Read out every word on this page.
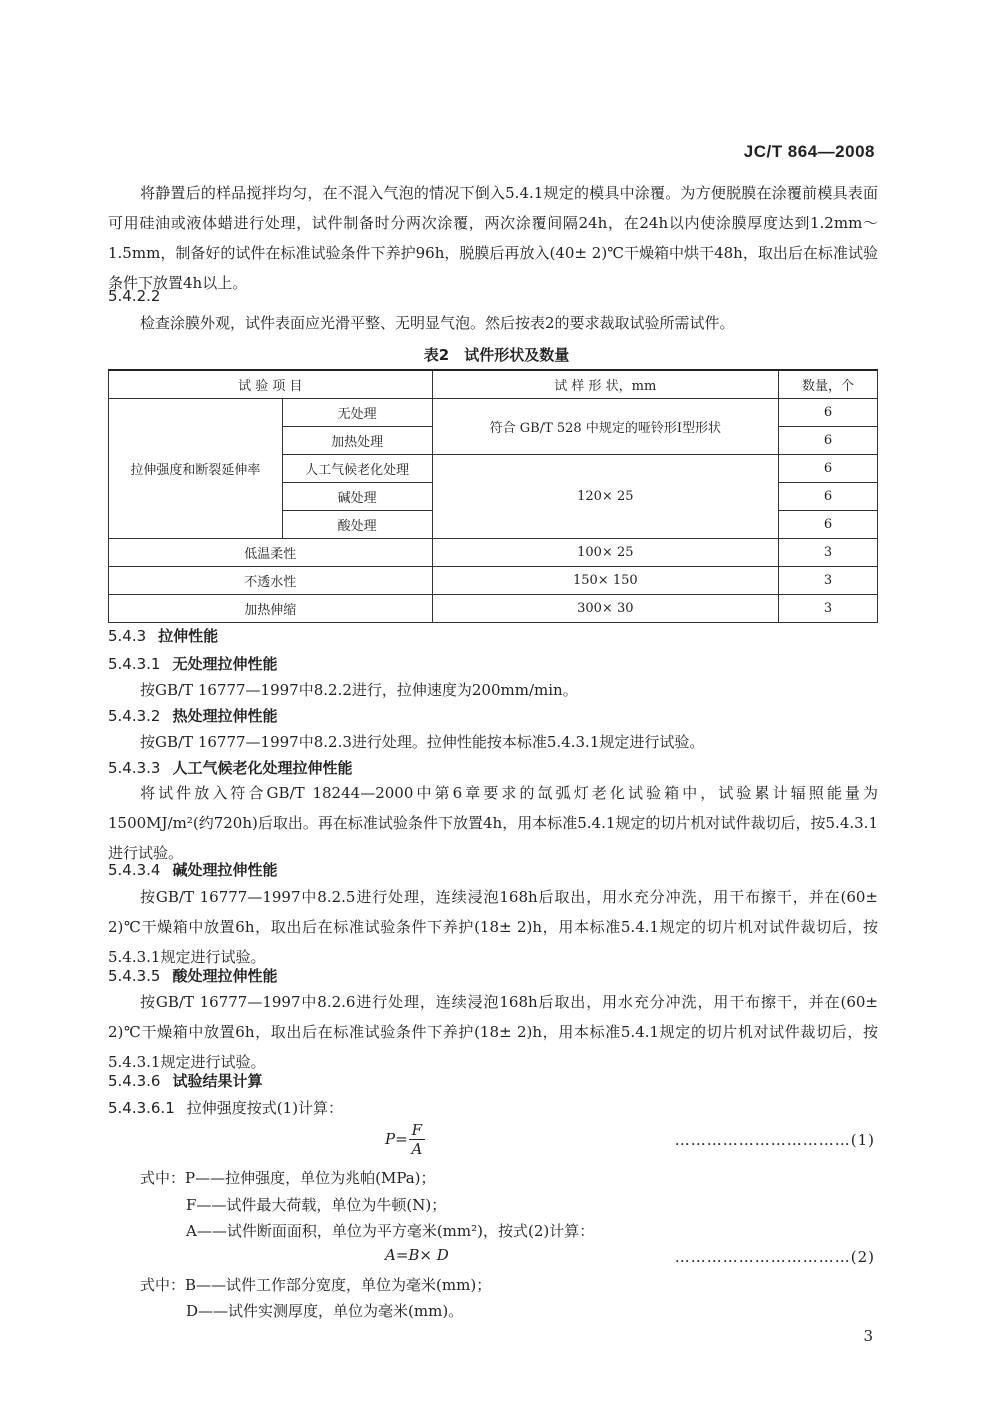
JC/T 864—2008
将静置后的样品搅拌均匀，在不混入气泡的情况下倒入5.4.1规定的模具中涂覆。为方便脱膜在涂覆前模具表面可用硅油或液体蜡进行处理，试件制备时分两次涂覆，两次涂覆间隔24h，在24h以内使涂膜厚度达到1.2mm～1.5mm，制备好的试件在标准试验条件下养护96h，脱膜后再放入(40± 2)℃干燥箱中烘干48h，取出后在标准试验条件下放置4h以上。
5.4.2.2
检查涂膜外观，试件表面应光滑平整、无明显气泡。然后按表2的要求裁取试验所需试件。
表2　试件形状及数量
试 验 项 目		试 样 形 状，mm	数量，个
拉伸强度和断裂延伸率	无处理	符合 GB/T 528 中规定的哑铃形Ⅰ型形状	6
	加热处理		6
	人工气候老化处理	120× 25	6
	碱处理		6
	酸处理		6
低温柔性		100× 25	3
不透水性		150× 150	3
加热伸缩		300× 30	3
5.4.3 拉伸性能
5.4.3.1 无处理拉伸性能
按GB/T 16777—1997中8.2.2进行，拉伸速度为200mm/min。
5.4.3.2 热处理拉伸性能
按GB/T 16777—1997中8.2.3进行处理。拉伸性能按本标准5.4.3.1规定进行试验。
5.4.3.3 人工气候老化处理拉伸性能
将试件放入符合GB/T 18244—2000中第6章要求的氙弧灯老化试验箱中，试验累计辐照能量为1500MJ/m²(约720h)后取出。再在标准试验条件下放置4h，用本标准5.4.1规定的切片机对试件裁切后，按5.4.3.1进行试验。
5.4.3.4 碱处理拉伸性能
按GB/T 16777—1997中8.2.5进行处理，连续浸泡168h后取出，用水充分冲洗，用干布擦干，并在(60± 2)℃干燥箱中放置6h，取出后在标准试验条件下养护(18± 2)h，用本标准5.4.1规定的切片机对试件裁切后，按5.4.3.1规定进行试验。
5.4.3.5 酸处理拉伸性能
按GB/T 16777—1997中8.2.6进行处理，连续浸泡168h后取出，用水充分冲洗，用干布擦干，并在(60± 2)℃干燥箱中放置6h，取出后在标准试验条件下养护(18± 2)h，用本标准5.4.1规定的切片机对试件裁切后，按5.4.3.1规定进行试验。
5.4.3.6 试验结果计算
5.4.3.6.1 拉伸强度按式(1)计算：
$P= \frac{F}{A}$	……………………………(1)
式中：P——拉伸强度，单位为兆帕(MPa)；
F——试件最大荷载，单位为牛顿(N)；
A——试件断面面积，单位为平方毫米(mm²)，按式(2)计算：
A=B× D	……………………………(2)
式中：B——试件工作部分宽度，单位为毫米(mm)；
D——试件实测厚度，单位为毫米(mm)。
3
